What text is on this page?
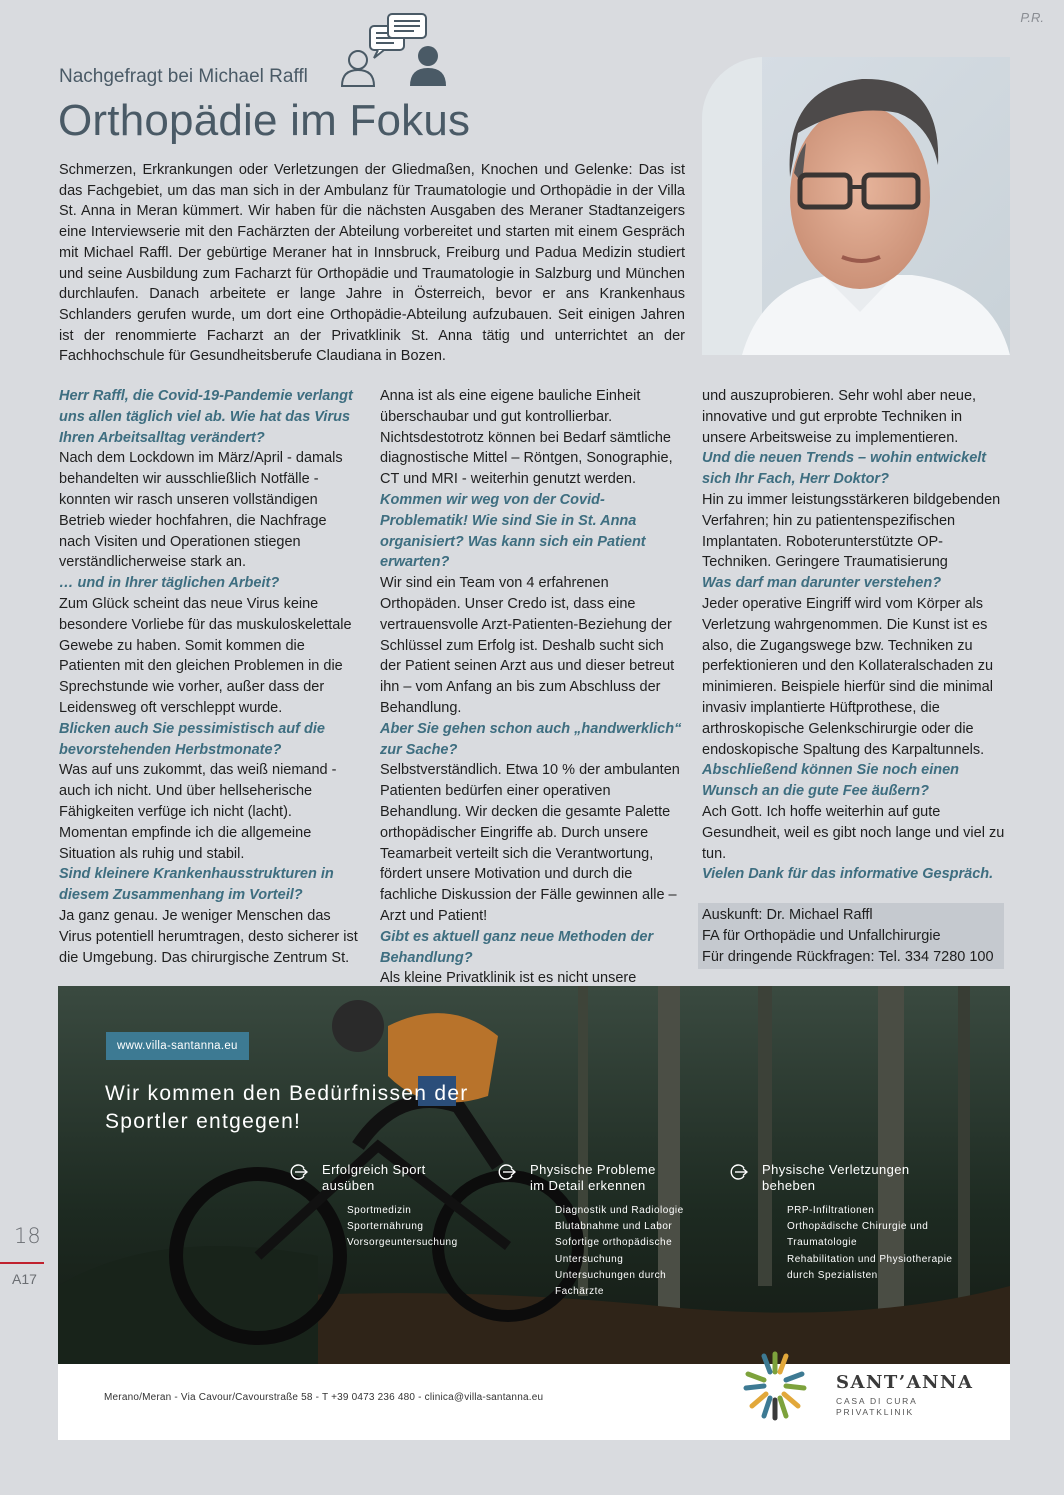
P.R.
Nachgefragt bei Michael Raffl
Orthopädie im Fokus
Schmerzen, Erkrankungen oder Verletzungen der Gliedmaßen, Knochen und Gelenke: Das ist das Fachgebiet, um das man sich in der Ambulanz für Traumatologie und Orthopädie in der Villa St. Anna in Meran kümmert. Wir haben für die nächsten Ausgaben des Meraner Stadtanzeigers eine Interviewserie mit den Fachärzten der Abteilung vorbereitet und starten mit einem Gespräch mit Michael Raffl. Der gebürtige Meraner hat in Innsbruck, Freiburg und Padua Medizin studiert und seine Ausbildung zum Facharzt für Orthopädie und Traumatologie in Salzburg und München durchlaufen. Danach arbeitete er lange Jahre in Österreich, bevor er ans Krankenhaus Schlanders gerufen wurde, um dort eine Orthopädie-Abteilung aufzubauen. Seit einigen Jahren ist der renommierte Facharzt an der Privatklinik St. Anna tätig und unterrichtet an der Fachhochschule für Gesundheitsberufe Claudiana in Bozen.

Herr Raffl, die Covid-19-Pandemie verlangt uns allen täglich viel ab. Wie hat das Virus Ihren Arbeitsalltag verändert?

Nach dem Lockdown im März/April - damals behandelten wir ausschließlich Notfälle - konnten wir rasch unseren vollständigen Betrieb wieder hochfahren, die Nachfrage nach Visiten und Operationen stiegen verständlicherweise stark an.

… und in Ihrer täglichen Arbeit?

Zum Glück scheint das neue Virus keine besondere Vorliebe für das muskuloskelettale Gewebe zu haben. Somit kommen die Patienten mit den gleichen Problemen in die Sprechstunde wie vorher, außer dass der Leidensweg oft verschleppt wurde.

Blicken auch Sie pessimistisch auf die bevorstehenden Herbstmonate?

Was auf uns zukommt, das weiß niemand - auch ich nicht. Und über hellseherische Fähigkeiten verfüge ich nicht (lacht). Momentan empfinde ich die allgemeine Situation als ruhig und stabil.

Sind kleinere Krankenhausstrukturen in diesem Zusammenhang im Vorteil?

Ja ganz genau. Je weniger Menschen das Virus potentiell herumtragen, desto sicherer ist die Umgebung. Das chirurgische Zentrum St.

Anna ist als eine eigene bauliche Einheit überschaubar und gut kontrollierbar. Nichtsdestotrotz können bei Bedarf sämtliche diagnostische Mittel – Röntgen, Sonographie, CT und MRI - weiterhin genutzt werden.

Kommen wir weg von der Covid-Problematik! Wie sind Sie in St. Anna organisiert? Was kann sich ein Patient erwarten?

Wir sind ein Team von 4 erfahrenen Orthopäden. Unser Credo ist, dass eine vertrauensvolle Arzt-Patienten-Beziehung der Schlüssel zum Erfolg ist. Deshalb sucht sich der Patient seinen Arzt aus und dieser betreut ihn – vom Anfang an bis zum Abschluss der Behandlung.

Aber Sie gehen schon auch „handwerklich“ zur Sache?

Selbstverständlich. Etwa 10 % der ambulanten Patienten bedürfen einer operativen Behandlung. Wir decken die gesamte Palette orthopädischer Eingriffe ab. Durch unsere Teamarbeit verteilt sich die Verantwortung, fördert unsere Motivation und durch die fachliche Diskussion der Fälle gewinnen alle – Arzt und Patient!

Gibt es aktuell ganz neue Methoden der Behandlung?

Als kleine Privatklinik ist es nicht unsere

und auszuprobieren. Sehr wohl aber neue, innovative und gut erprobte Techniken in unsere Arbeitsweise zu implementieren.

Und die neuen Trends – wohin entwickelt sich Ihr Fach, Herr Doktor?

Hin zu immer leistungsstärkeren bildgebenden Verfahren; hin zu patientenspezifischen Implantaten. Roboterunterstützte OP- Techniken. Geringere Traumatisierung

Was darf man darunter verstehen?

Jeder operative Eingriff wird vom Körper als Verletzung wahrgenommen. Die Kunst ist es also, die Zugangswege bzw. Techniken zu perfektionieren und den Kollateralschaden zu minimieren. Beispiele hierfür sind die minimal invasiv implantierte Hüftprothese, die arthroskopische Gelenkschirurgie oder die endoskopische Spaltung des Karpaltunnels.

Abschließend können Sie noch einen Wunsch an die gute Fee äußern?

Ach Gott. Ich hoffe weiterhin auf gute Gesundheit, weil es gibt noch lange und viel zu tun.

Vielen Dank für das informative Gespräch.

Auskunft: Dr. Michael Raffl
FA für Orthopädie und Unfallchirurgie
Für dringende Rückfragen: Tel. 334 7280 100
18
A17
www.villa-santanna.eu
Wir kommen den Bedürfnissen der Sportler entgegen!
Erfolgreich Sport
ausüben
Sportmedizin
Sporternährung
Vorsorgeuntersuchung
Physische Probleme
im Detail erkennen
Diagnostik und Radiologie
Blutabnahme und Labor
Sofortige orthopädische Untersuchung
Untersuchungen durch Fachärzte
Physische Verletzungen
beheben
PRP-Infiltrationen
Orthopädische Chirurgie und Traumatologie
Rehabilitation und Physiotherapie durch Spezialisten
Merano/Meran - Via Cavour/Cavourstraße 58 - T +39 0473 236 480 - clinica@villa-santanna.eu
SANT’ANNA
CASA DI CURA
PRIVATKLINIK
